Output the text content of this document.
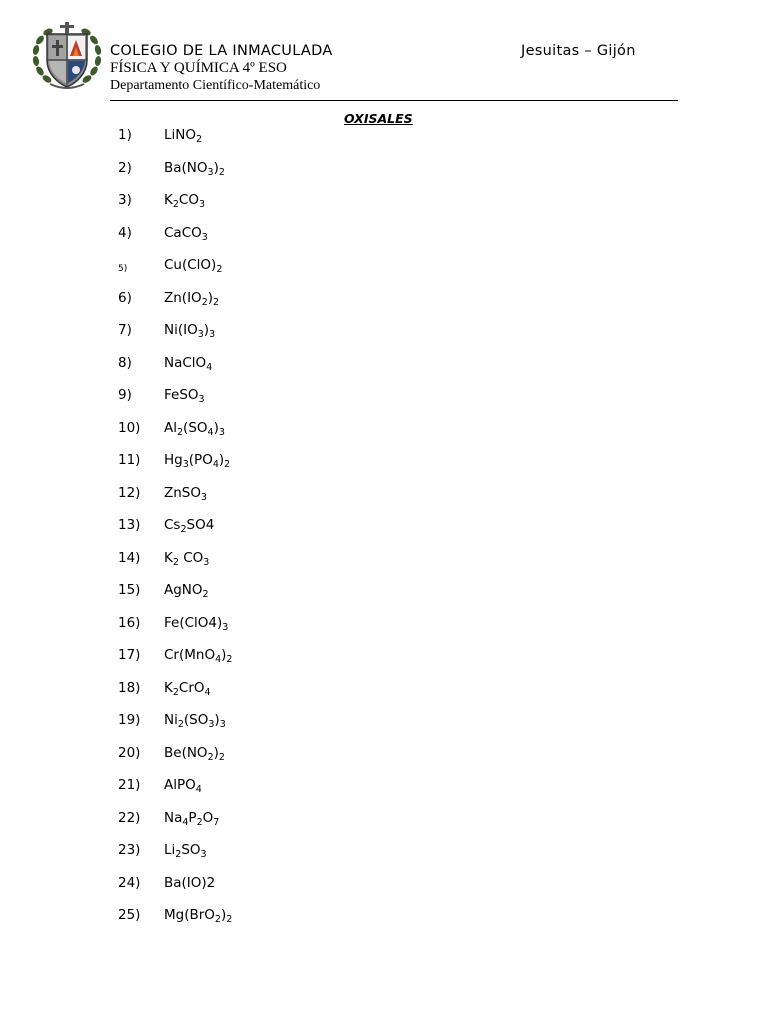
COLEGIO DE LA INMACULADA	Jesuitas – Gijón
FÍSICA Y QUÍMICA 4º ESO
Departamento Científico-Matemático
OXISALES
1) LiNO$_2$
2) $Ba(NO_3)_2$
3) $K_2CO_3$
4) CaCO$_3$
5)	$Cu(ClO)_2$
6) $Zn(IO_2)_2$
7) $Ni(IO_3)_3$
8) NaClO$_4$
9) FeSO$_3$
10) $Al_2(SO_4)_3$
11) $Hg_3(PO_4)_2$
12) ZnSO$_3$
13) $Cs_2SO4$
14) $K_2$ $CO_3$
15) AgNO$_2$
16) $Fe(ClO4)_3$
17) $Cr(MnO_4)_2$
18) $K_2CrO_4$
19) $Ni_2(SO_3)_3$
20) $Be(NO_2)_2$
21) AlPO$_4$
22) $Na_4P_2O_7$
23) $Li_2SO_3$
24) Ba(IO)2
25) $Mg(BrO_2)_2$
